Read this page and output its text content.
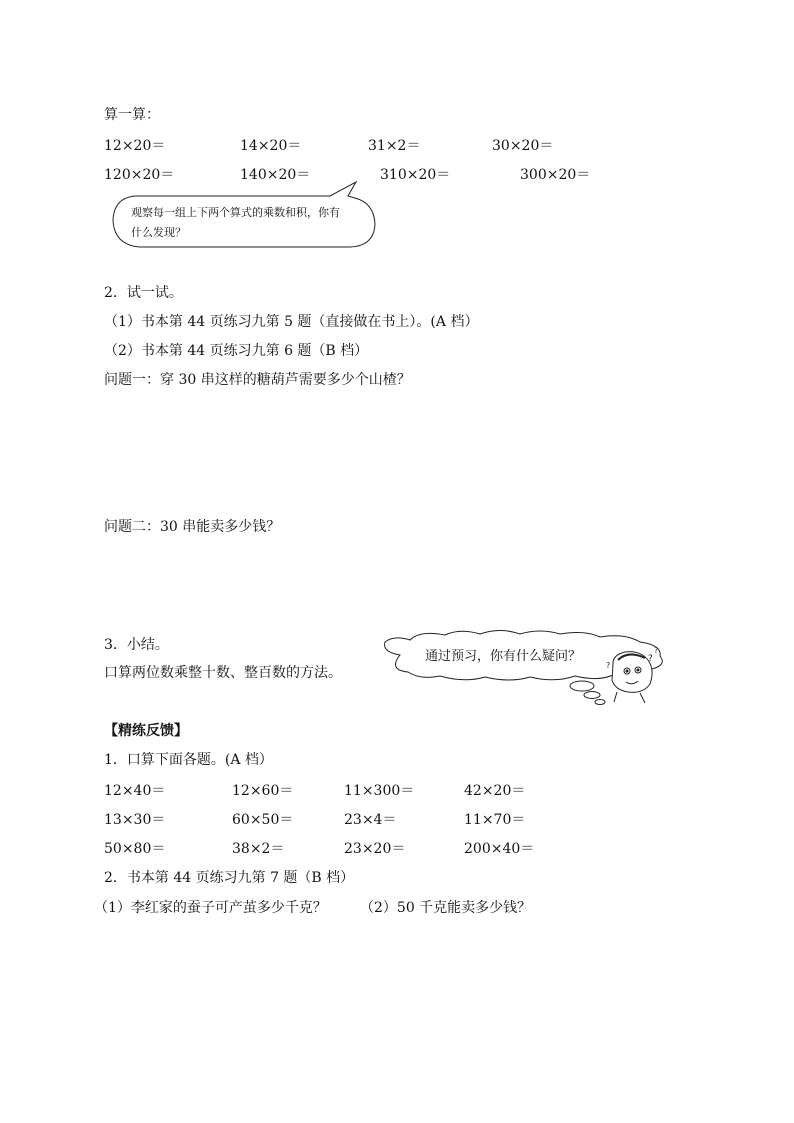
?
?
?
算一算：
12×20＝	14×20＝	31×2＝	30×20＝
120×20＝	140×20＝	310×20＝	300×20＝
观察每一组上下两个算式的乘数和积，你有
什么发现？
2．试一试。
（1）书本第 44 页练习九第 5 题（直接做在书上）。(A 档）
（2）书本第 44 页练习九第 6 题（B 档）
问题一：穿 30 串这样的糖葫芦需要多少个山楂？
问题二：30 串能卖多少钱？
3．小结。
口算两位数乘整十数、整百数的方法。
通过预习，你有什么疑问？
【精练反馈】
1．口算下面各题。(A 档）
12×40＝	12×60＝	11×300＝	42×20＝
13×30＝	60×50＝	23×4＝	11×70＝
50×80＝	38×2＝	23×20＝	200×40＝
2．书本第 44 页练习九第 7 题（B 档）
（1）李红家的蚕子可产茧多少千克？ （2）50 千克能卖多少钱？
